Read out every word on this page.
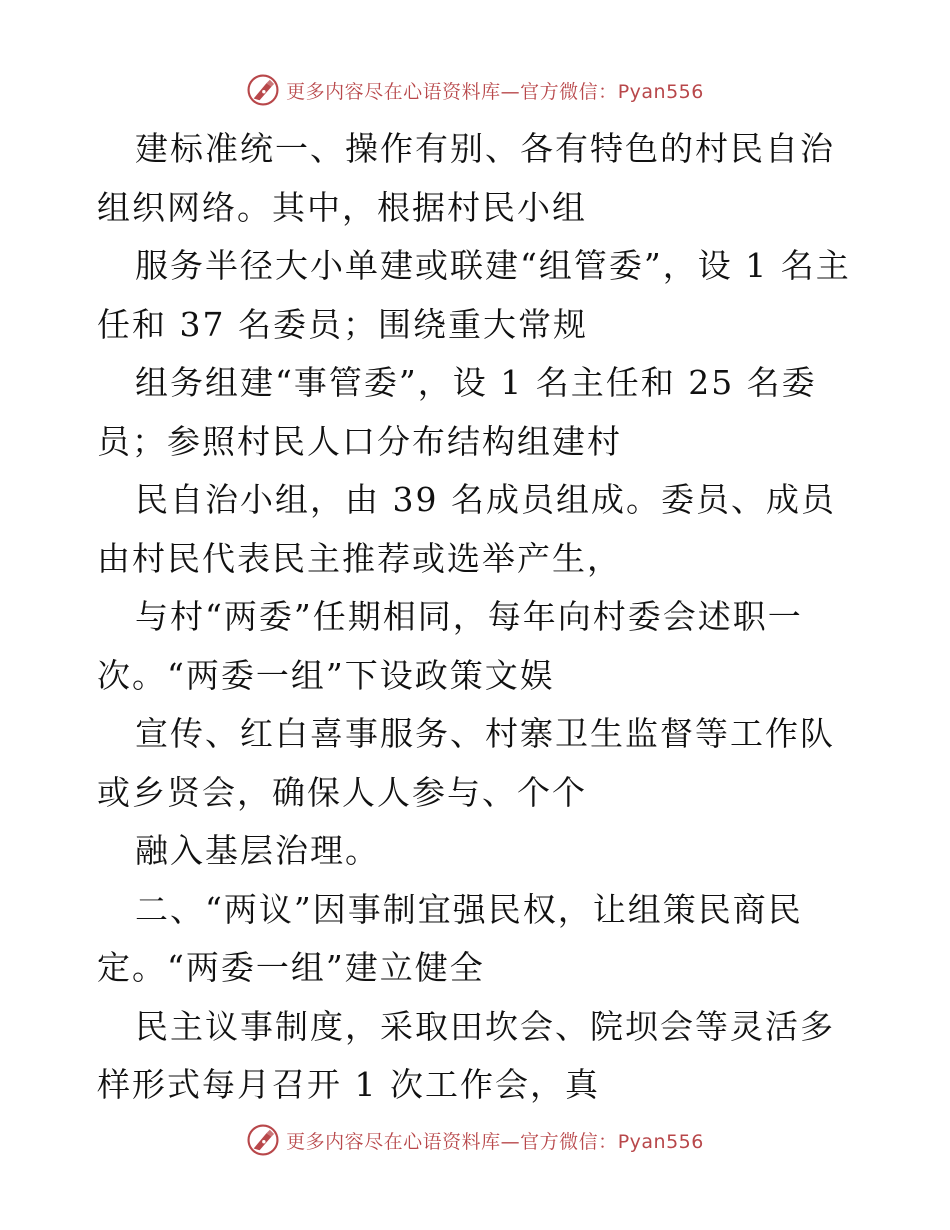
更多内容尽在心语资料库—官方微信：Pyan556

建标准统一、操作有别、各有特色的村民自治组织网络。其中，根据村民小组

服务半径大小单建或联建“组管委”，设 1 名主任和 37 名委员；围绕重大常规

组务组建“事管委”，设 1 名主任和 25 名委员；参照村民人口分布结构组建村

民自治小组，由 39 名成员组成。委员、成员由村民代表民主推荐或选举产生，

与村“两委”任期相同，每年向村委会述职一次。“两委一组”下设政策文娱

宣传、红白喜事服务、村寨卫生监督等工作队或乡贤会，确保人人参与、个个

融入基层治理。

二、“两议”因事制宜强民权，让组策民商民定。“两委一组”建立健全

民主议事制度，采取田坎会、院坝会等灵活多样形式每月召开 1 次工作会，真

更多内容尽在心语资料库—官方微信：Pyan556
